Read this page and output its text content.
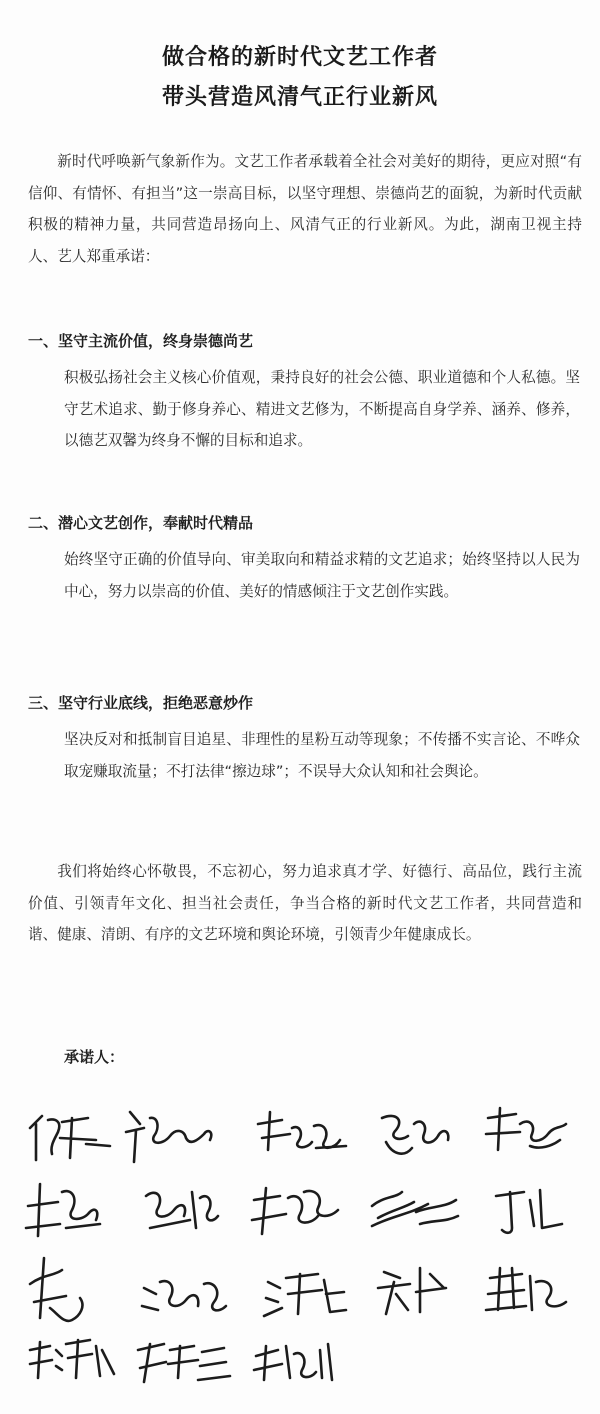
做合格的新时代文艺工作者
带头营造风清气正行业新风

新时代呼唤新气象新作为。文艺工作者承载着全社会对美好的期待，更应对照“有信仰、有情怀、有担当”这一崇高目标，以坚守理想、崇德尚艺的面貌，为新时代贡献积极的精神力量，共同营造昂扬向上、风清气正的行业新风。为此，湖南卫视主持人、艺人郑重承诺：

一、坚守主流价值，终身崇德尚艺

积极弘扬社会主义核心价值观，秉持良好的社会公德、职业道德和个人私德。坚守艺术追求、勤于修身养心、精进文艺修为，不断提高自身学养、涵养、修养，以德艺双馨为终身不懈的目标和追求。

二、潜心文艺创作，奉献时代精品

始终坚守正确的价值导向、审美取向和精益求精的文艺追求；始终坚持以人民为中心，努力以崇高的价值、美好的情感倾注于文艺创作实践。

三、坚守行业底线，拒绝恶意炒作

坚决反对和抵制盲目追星、非理性的星粉互动等现象；不传播不实言论、不哗众取宠赚取流量；不打法律“擦边球”；不误导大众认知和社会舆论。

我们将始终心怀敬畏，不忘初心，努力追求真才学、好德行、高品位，践行主流价值、引领青年文化、担当社会责任，争当合格的新时代文艺工作者，共同营造和谐、健康、清朗、有序的文艺环境和舆论环境，引领青少年健康成长。

承诺人：
